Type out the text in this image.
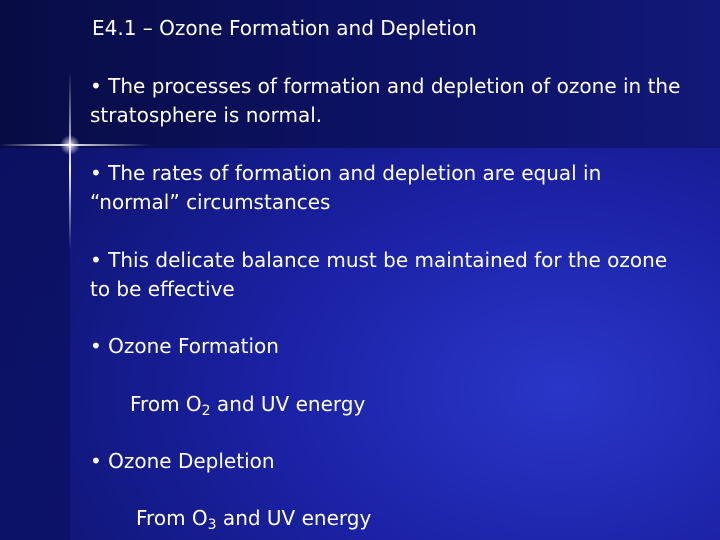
E4.1 – Ozone Formation and Depletion
• The processes of formation and depletion of ozone in the stratosphere is normal.
• The rates of formation and depletion are equal in “normal” circumstances
• This delicate balance must be maintained for the ozone to be effective
• Ozone Formation
From $O_2$ and UV energy
• Ozone Depletion
From $O_3$ and UV energy
